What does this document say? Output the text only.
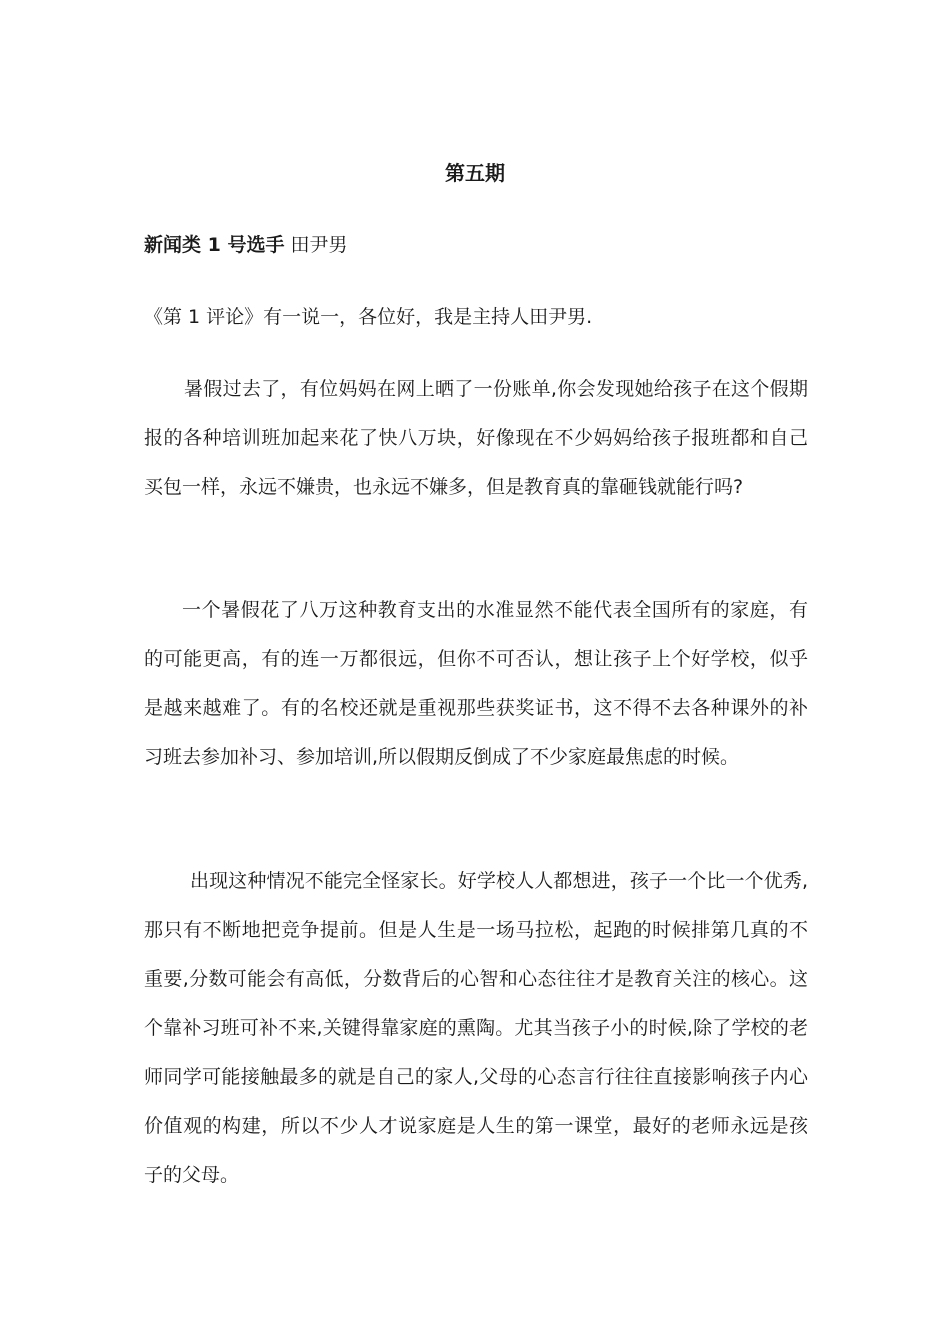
第五期
新闻类 1 号选手 田尹男
《第 1 评论》有一说一，各位好，我是主持人田尹男.

暑假过去了，有位妈妈在网上晒了一份账单,你会发现她给孩子在这个假期报的各种培训班加起来花了快八万块，好像现在不少妈妈给孩子报班都和自己买包一样，永远不嫌贵，也永远不嫌多，但是教育真的靠砸钱就能行吗?

一个暑假花了八万这种教育支出的水准显然不能代表全国所有的家庭，有的可能更高，有的连一万都很远，但你不可否认，想让孩子上个好学校，似乎是越来越难了。有的名校还就是重视那些获奖证书，这不得不去各种课外的补习班去参加补习、参加培训,所以假期反倒成了不少家庭最焦虑的时候。

出现这种情况不能完全怪家长。好学校人人都想进，孩子一个比一个优秀,那只有不断地把竞争提前。但是人生是一场马拉松，起跑的时候排第几真的不重要,分数可能会有高低，分数背后的心智和心态往往才是教育关注的核心。这个靠补习班可补不来,关键得靠家庭的熏陶。尤其当孩子小的时候,除了学校的老师同学可能接触最多的就是自己的家人,父母的心态言行往往直接影响孩子内心价值观的构建，所以不少人才说家庭是人生的第一课堂，最好的老师永远是孩子的父母。
